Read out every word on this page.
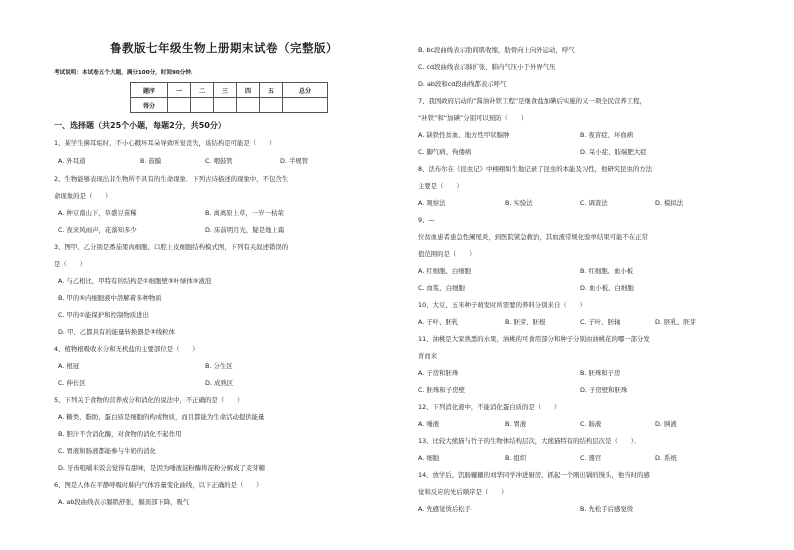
鲁教版七年级生物上册期末试卷（完整版）
考试说明：本试卷五个大题，满分100分，时间90分钟．
题序	一	二	三	四	五	总分
得分						
一、选择题（共25个小题，每题2分，共50分）
1、某学生擤耳垢时，不小心戳坏耳朵导致听觉丧失，该结构是可能是（　　）
A. 外耳道	B. 鼓膜	C. 咽鼓管	D. 半规管
2、生物能够表现出非生物所不具有的生命现象．下列古诗描述的现象中，不包含生
命现象的是（　　）
A. 种豆南山下，草盛豆苗稀	B. 离离原上草，一岁一枯荣
C. 夜来风雨声，花落知多少	D. 床前明月光，疑是地上霜
3、图甲、乙分别是番茄果肉细胞、口腔上皮细胞结构模式图，下列有关叙述错误的
是（　　）
A. 与乙相比，甲特有的结构是①细胞壁③叶绿体⑤液泡
B. 甲的⑤内细胞液中溶解着多种物质
C. 甲的①能保护和控制物质进出
D. 甲、乙都具有的能量转换器是③线粒体
4、植物根吸收水分和无机盐的主要部位是（　　）
A. 根冠	B. 分生区
C. 伸长区	D. 成熟区
5、下列关于食物的营养成分和消化的说法中，不正确的是（　　）
A. 糖类、脂肪、蛋白质是细胞的构成物质，而且都能为生命活动提供能量
B. 胆汁不含消化酶，对食物的消化不起作用
C. 胃液和肠液都能参与牛奶的消化
D. 牙齿咀嚼米饭会觉得有甜味，是因为唾液淀粉酶将淀粉分解成了麦芽糖
6、图是人体在平静呼吸时肺内气体容量变化曲线，以下正确的是（　　）
A. ab段曲线表示膈肌舒张，膈顶部下降，吸气
B. bc段曲线表示肋间肌收缩，肋骨向上向外运动，呼气
C. cd段曲线表示肺扩张，肺内气压小于外界气压
D. ab段和cd段曲线都表示呼气
7、我国政府启动的“酱油补铁工程”是继食盐加碘后实施的又一项全民营养工程，
“补铁”和“加碘”分别可以预防（　　）
A. 缺铁性贫血、地方性甲状腺肿	B. 夜盲症、坏血病
C. 脚气病、佝偻病	D. 呆小症、肢端肥大症
8、法布尔在《昆虫记》中栩栩如生地记录了昆虫的本能及习性，他研究昆虫的方法
主要是（　　）
A. 观察法	B. 实验法	C. 调查法	D. 模拟法
9、—
位贫血患者患急性阑尾炎，到医院紧急救治，其血液常规化验单结果可能不在正常
值范围的是（　　）
A. 红细胞、白细胞	B. 红细胞、血小板
C. 血浆、白细胞	D. 血小板、白细胞
10、大豆、玉米种子萌发时所需要的养料分别来自（　　）
A. 子叶、胚乳	B. 胚芽、胚根	C. 子叶、胚轴	D. 胚乳、胚芽
11、油桃是大家熟悉的水果，油桃的可食用部分和种子分别由油桃花的哪一部分发
育而来
A. 子房和胚珠	B. 胚珠和子房
C. 胚珠和子房壁	D. 子房壁和胚珠
12、下列消化液中，不能消化蛋白质的是（　　）
A. 唾液	B. 胃液	C. 肠液	D. 胰液
13、比较大熊猫与竹子的生物体结构层次，大熊猫特有的结构层次是（　　）．
A. 细胞	B. 组织	C. 器官	D. 系统
14、放学后，饥肠辘辘的刘华同学冲进厨房，抓起一个刚出锅的馒头，他当时的感
觉和反应的先后顺序是（　　）
A. 先感觉烫后松手	B. 先松手后感觉烫
